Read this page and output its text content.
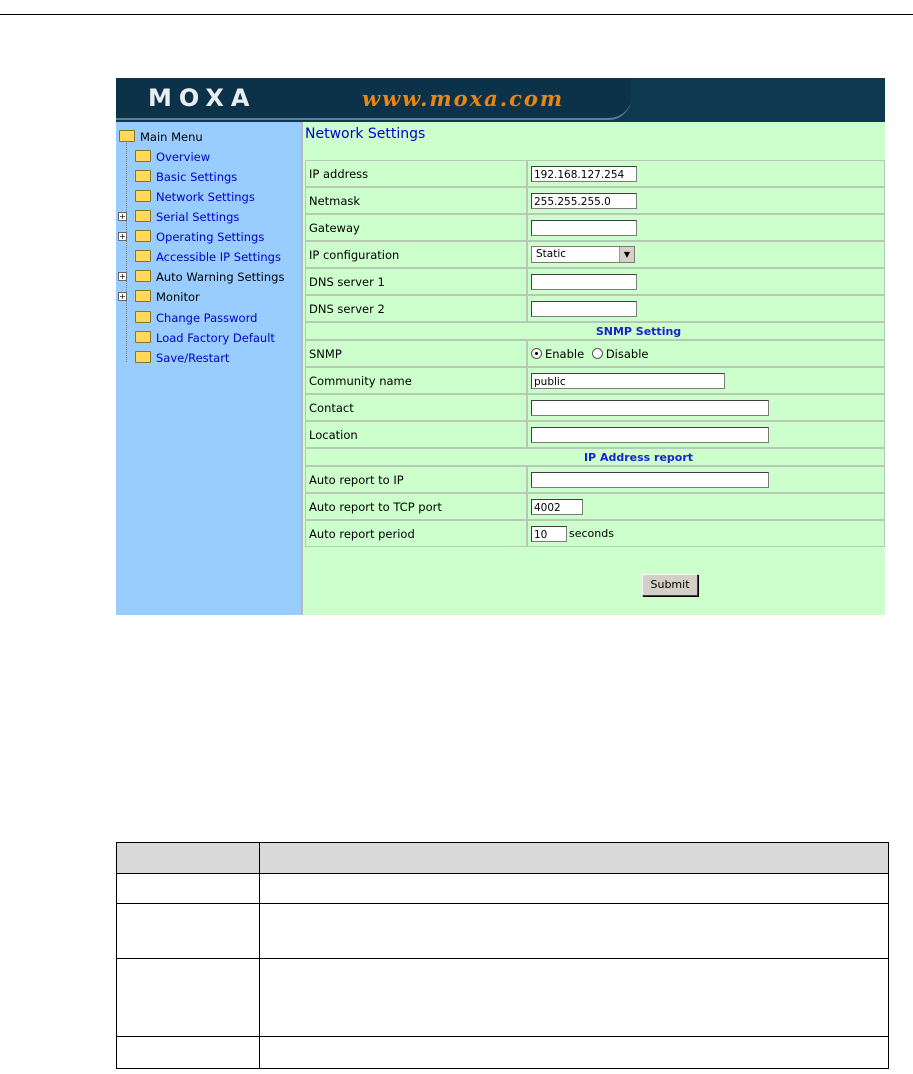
MOXA	www.moxa.com
Main Menu
Overview
Basic Settings
Network Settings
+	Serial Settings
+	Operating Settings
Accessible IP Settings
+	Auto Warning Settings
+	Monitor
Change Password
Load Factory Default
Save/Restart
Network Settings
IP address	192.168.127.254
Netmask	255.255.255.0
Gateway	
IP configuration	Static ▼

DNS server 1	
DNS server 2	
SNMP Setting	
SNMP	Enable Disable
Community name	public
Contact	
Location	
IP Address report	
Auto report to IP	
Auto report to TCP port	4002
Auto report period	10 seconds
Submit
